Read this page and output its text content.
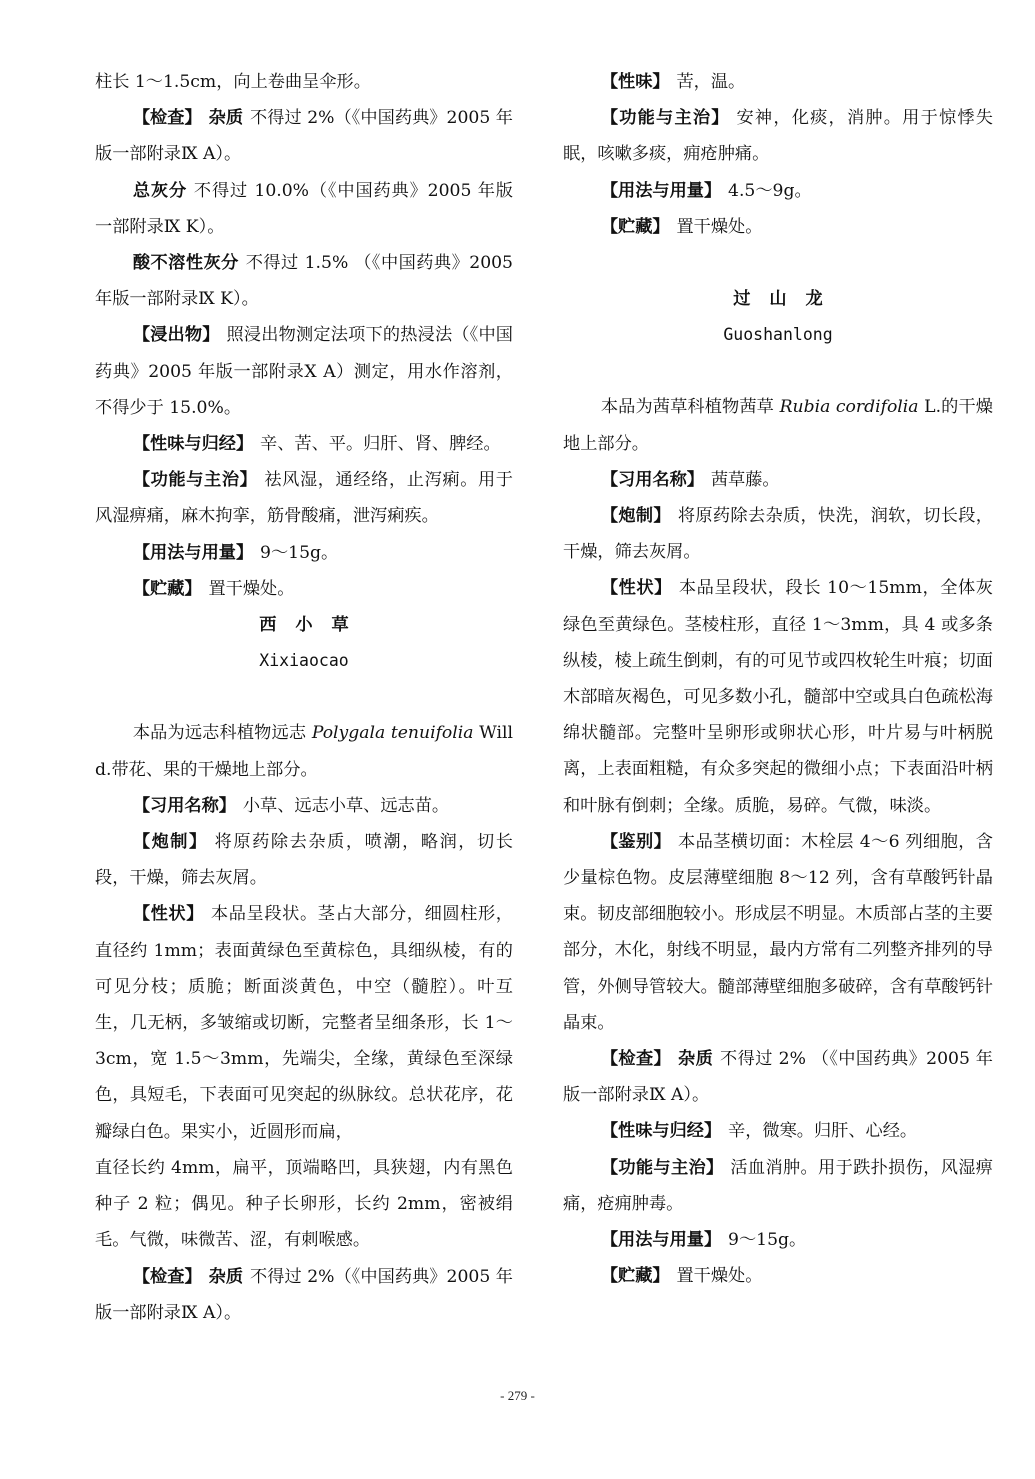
柱长 1～1.5cm，向上卷曲呈伞形。

【检查】 杂质 不得过 2%（《中国药典》2005 年版一部附录Ⅸ A）。

总灰分 不得过 10.0%（《中国药典》2005 年版一部附录Ⅸ K）。

酸不溶性灰分 不得过 1.5% （《中国药典》2005 年版一部附录Ⅸ K）。

【浸出物】 照浸出物测定法项下的热浸法（《中国药典》2005 年版一部附录Ⅹ A）测定，用水作溶剂，不得少于 15.0%。

【性味与归经】 辛、苦、平。归肝、肾、脾经。

【功能与主治】 祛风湿，通经络，止泻痢。用于风湿痹痛，麻木拘挛，筋骨酸痛，泄泻痢疾。

【用法与用量】 9～15g。

【贮藏】 置干燥处。

西小草

Xixiaocao

本品为远志科植物远志 Polygala tenuifolia Willd.带花、果的干燥地上部分。

【习用名称】 小草、远志小草、远志苗。

【炮制】 将原药除去杂质，喷潮，略润，切长段，干燥，筛去灰屑。

【性状】 本品呈段状。茎占大部分，细圆柱形，直径约 1mm；表面黄绿色至黄棕色，具细纵棱，有的可见分枝；质脆；断面淡黄色，中空（髓腔）。叶互生，几无柄，多皱缩或切断，完整者呈细条形，长 1～3cm，宽 1.5～3mm，先端尖，全缘，黄绿色至深绿色，具短毛，下表面可见突起的纵脉纹。总状花序，花瓣绿白色。果实小，近圆形而扁，

直径长约 4mm，扁平，顶端略凹，具狭翅，内有黑色种子 2 粒；偶见。种子长卵形，长约 2mm，密被绢毛。气微，味微苦、涩，有刺喉感。

【检查】 杂质 不得过 2%（《中国药典》2005 年版一部附录Ⅸ A）。

【性味】 苦，温。

【功能与主治】 安神，化痰，消肿。用于惊悸失眠，咳嗽多痰，痈疮肿痛。

【用法与用量】 4.5～9g。

【贮藏】 置干燥处。

过山龙

Guoshanlong

本品为茜草科植物茜草 Rubia cordifolia L.的干燥地上部分。

【习用名称】 茜草藤。

【炮制】 将原药除去杂质，快洗，润软，切长段，干燥，筛去灰屑。

【性状】 本品呈段状，段长 10～15mm，全体灰绿色至黄绿色。茎棱柱形，直径 1～3mm，具 4 或多条纵棱，棱上疏生倒刺，有的可见节或四枚轮生叶痕；切面木部暗灰褐色，可见多数小孔，髓部中空或具白色疏松海绵状髓部。完整叶呈卵形或卵状心形，叶片易与叶柄脱离，上表面粗糙，有众多突起的微细小点；下表面沿叶柄和叶脉有倒刺；全缘。质脆，易碎。气微，味淡。

【鉴别】 本品茎横切面：木栓层 4～6 列细胞，含少量棕色物。皮层薄壁细胞 8～12 列，含有草酸钙针晶束。韧皮部细胞较小。形成层不明显。木质部占茎的主要部分，木化，射线不明显，最内方常有二列整齐排列的导管，外侧导管较大。髓部薄壁细胞多破碎，含有草酸钙针晶束。

【检查】 杂质 不得过 2% （《中国药典》2005 年版一部附录Ⅸ A）。

【性味与归经】 辛，微寒。归肝、心经。

【功能与主治】 活血消肿。用于跌扑损伤，风湿痹痛，疮痈肿毒。

【用法与用量】 9～15g。

【贮藏】 置干燥处。

- 279 -
